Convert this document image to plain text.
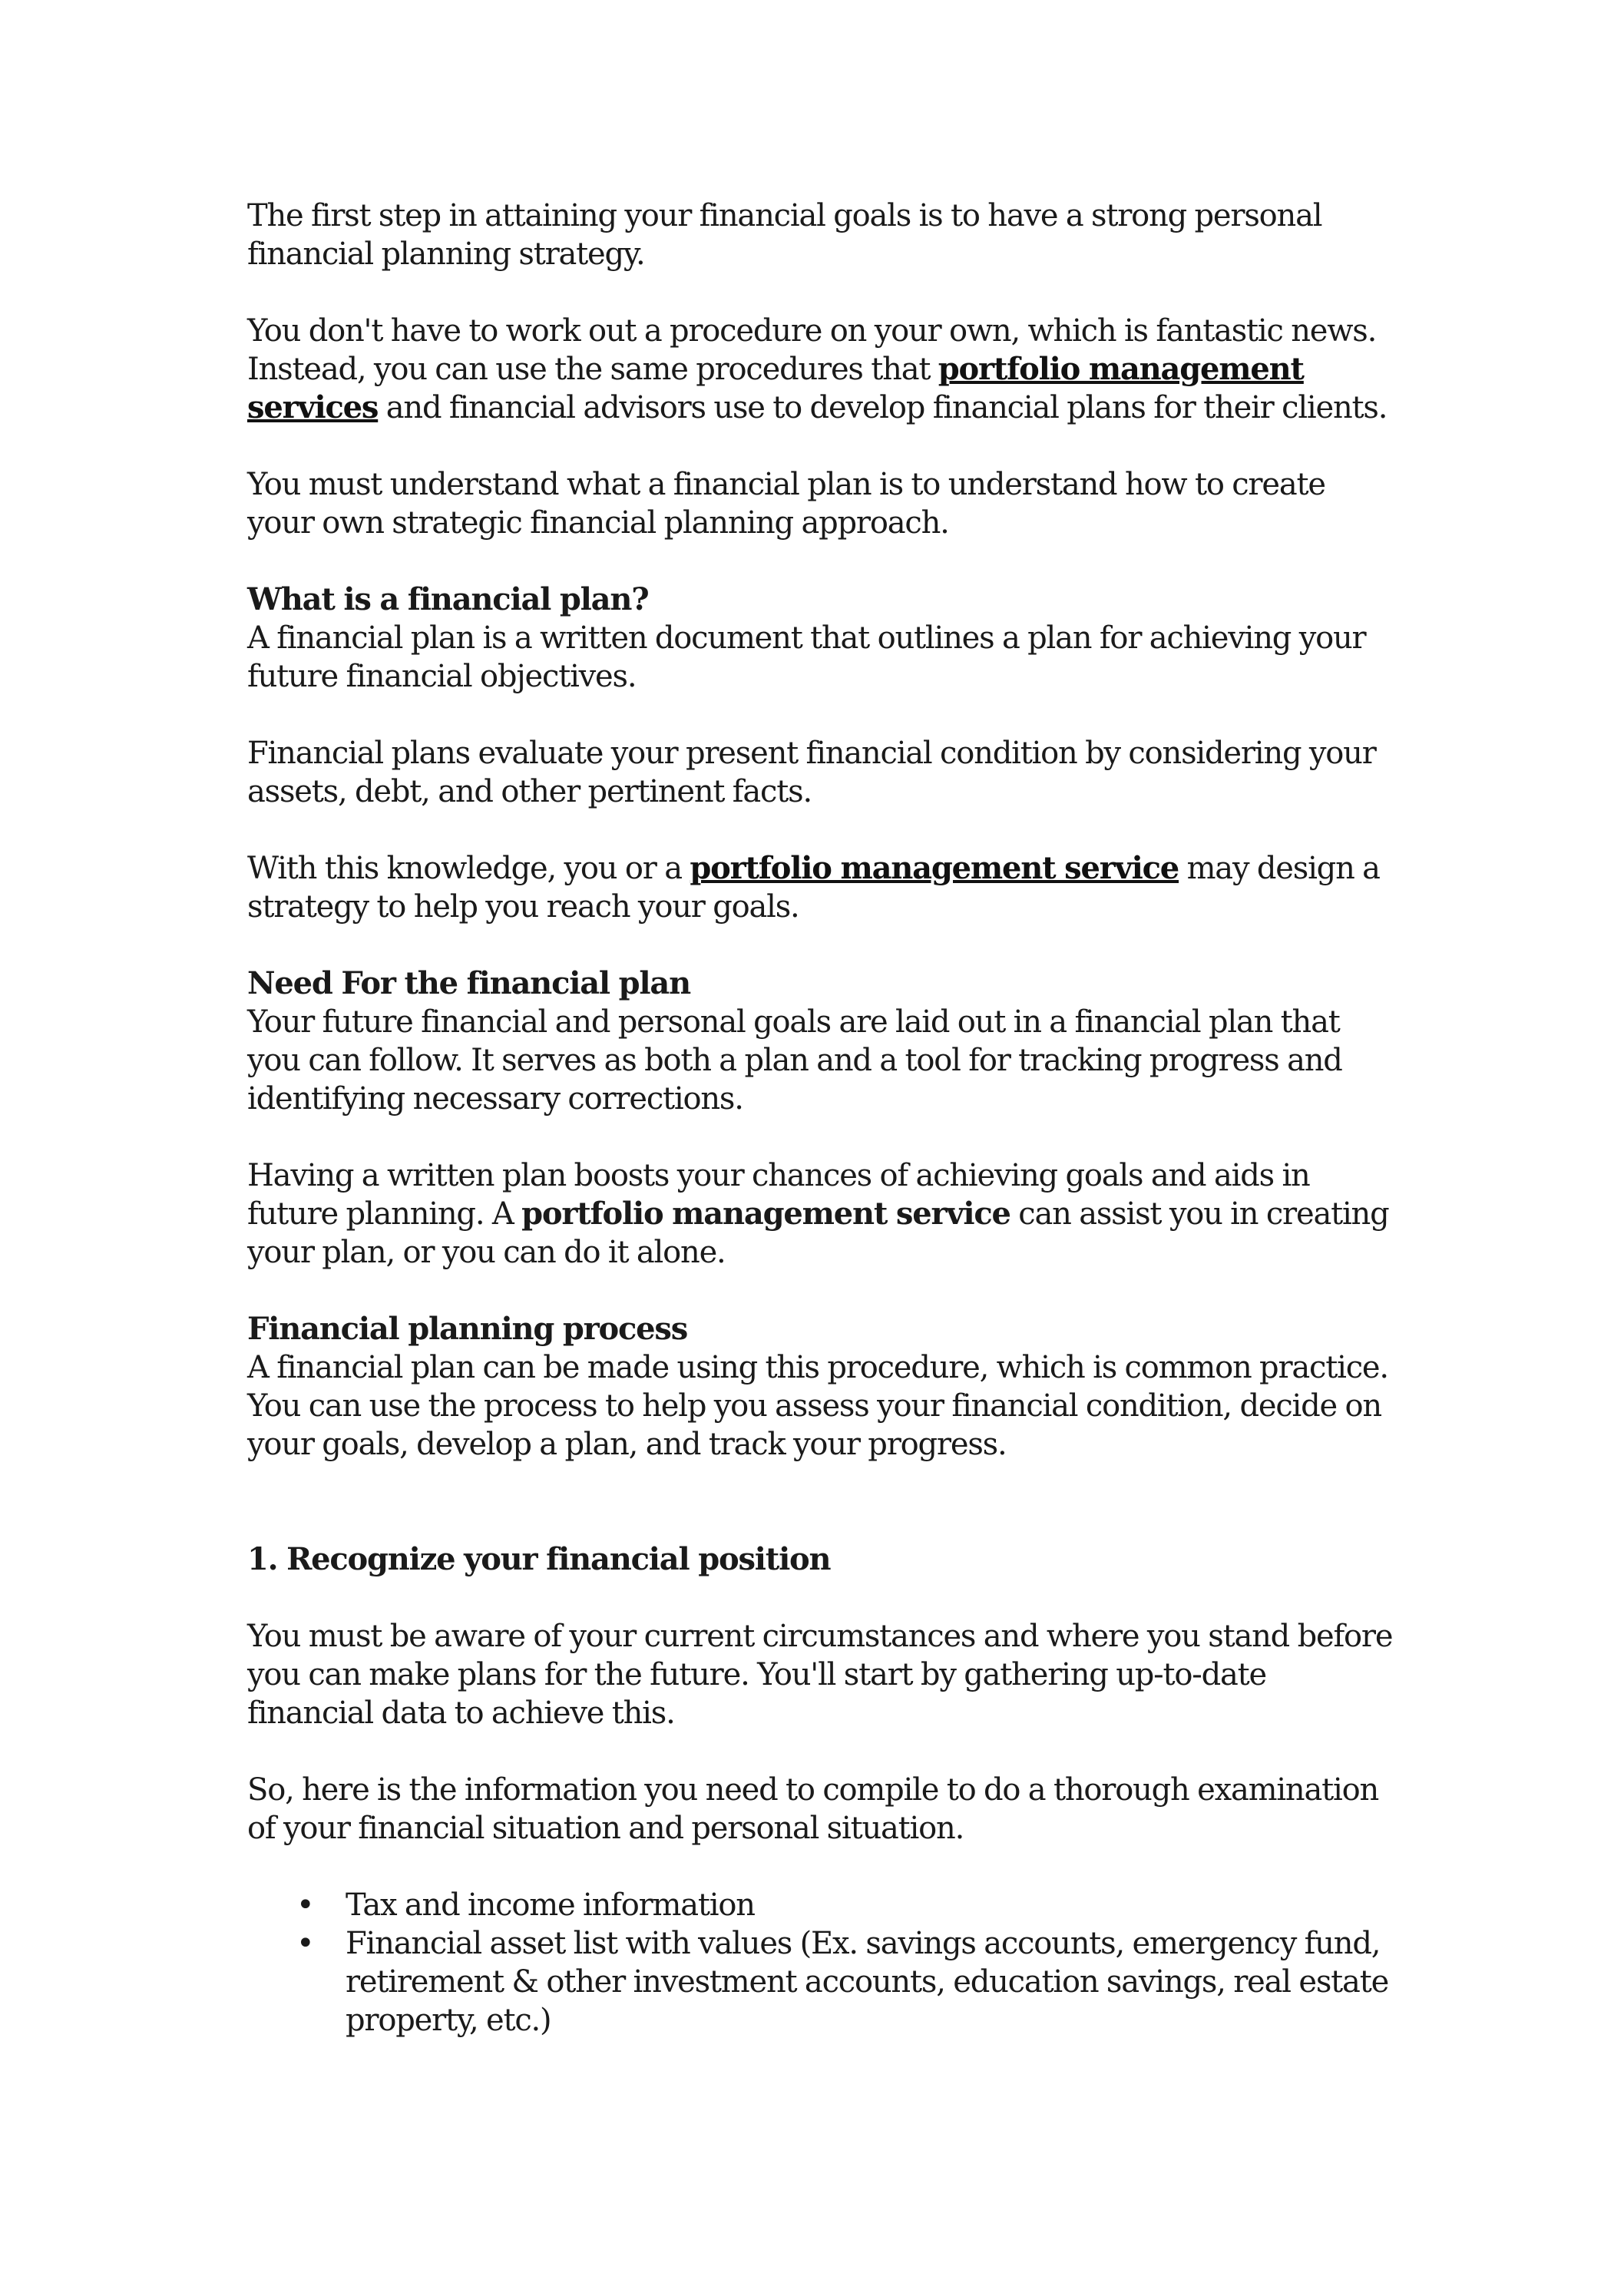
The first step in attaining your financial goals is to have a strong personal financial planning strategy.

You don't have to work out a procedure on your own, which is fantastic news. Instead, you can use the same procedures that portfolio management services and financial advisors use to develop financial plans for their clients.

You must understand what a financial plan is to understand how to create your own strategic financial planning approach.

What is a financial plan?
A financial plan is a written document that outlines a plan for achieving your future financial objectives.

Financial plans evaluate your present financial condition by considering your assets, debt, and other pertinent facts.

With this knowledge, you or a portfolio management service may design a strategy to help you reach your goals.

Need For the financial plan
Your future financial and personal goals are laid out in a financial plan that you can follow. It serves as both a plan and a tool for tracking progress and identifying necessary corrections.

Having a written plan boosts your chances of achieving goals and aids in future planning. A portfolio management service can assist you in creating your plan, or you can do it alone.

Financial planning process
A financial plan can be made using this procedure, which is common practice. You can use the process to help you assess your financial condition, decide on your goals, develop a plan, and track your progress.

1. Recognize your financial position

You must be aware of your current circumstances and where you stand before you can make plans for the future. You'll start by gathering up-to-date financial data to achieve this.

So, here is the information you need to compile to do a thorough examination of your financial situation and personal situation.

• Tax and income information
• Financial asset list with values (Ex. savings accounts, emergency fund, retirement & other investment accounts, education savings, real estate property, etc.)
